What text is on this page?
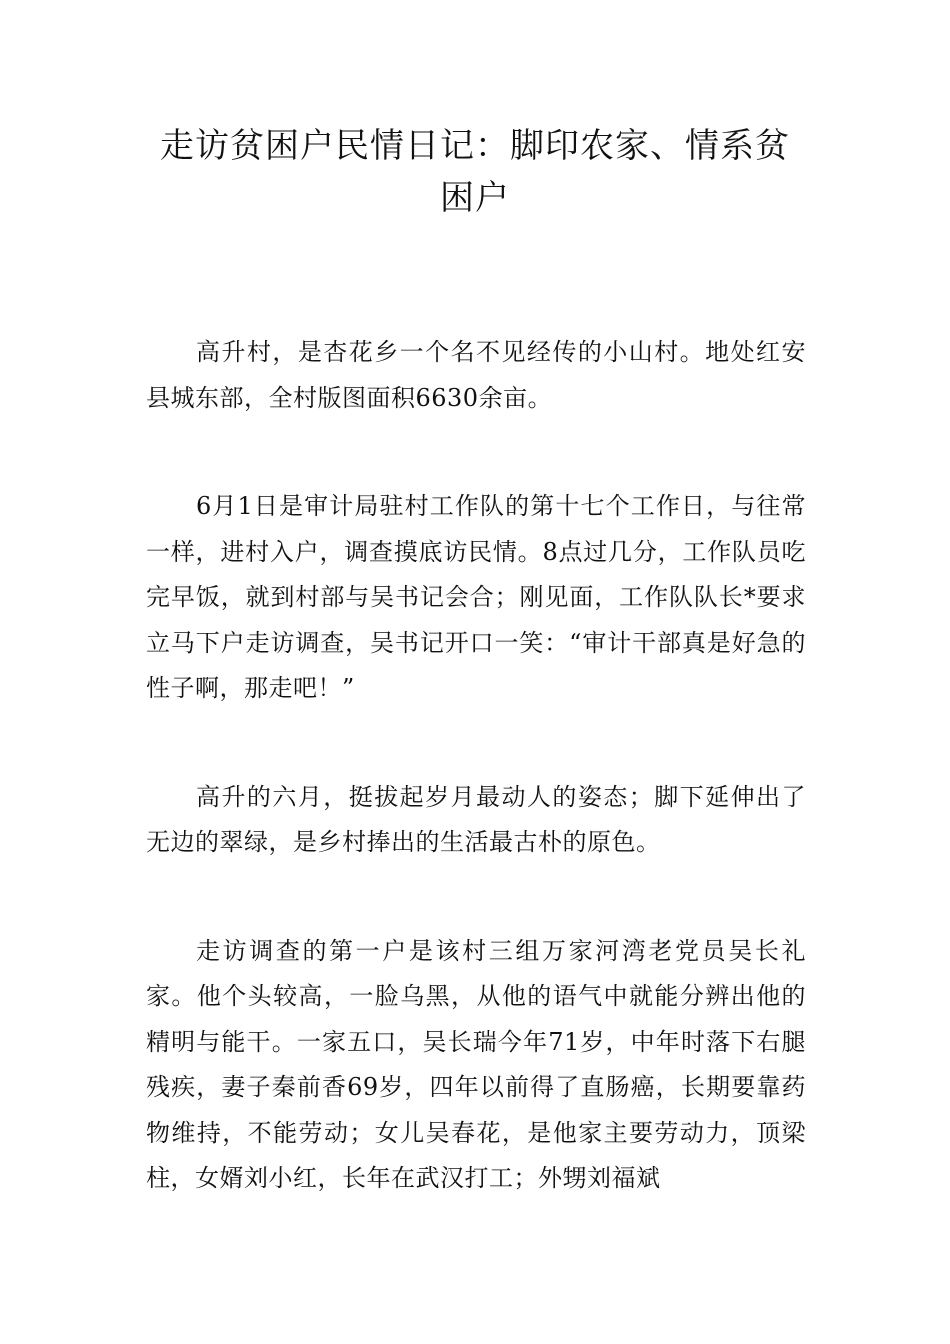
走访贫困户民情日记：脚印农家、情系贫困户

高升村，是杏花乡一个名不见经传的小山村。地处红安县城东部，全村版图面积6630余亩。

6月1日是审计局驻村工作队的第十七个工作日，与往常一样，进村入户，调查摸底访民情。8点过几分，工作队员吃完早饭，就到村部与吴书记会合；刚见面，工作队队长*要求立马下户走访调查，吴书记开口一笑：“审计干部真是好急的性子啊，那走吧！”

高升的六月，挺拔起岁月最动人的姿态；脚下延伸出了无边的翠绿，是乡村捧出的生活最古朴的原色。

走访调查的第一户是该村三组万家河湾老党员吴长礼家。他个头较高，一脸乌黑，从他的语气中就能分辨出他的精明与能干。一家五口，吴长瑞今年71岁，中年时落下右腿残疾，妻子秦前香69岁，四年以前得了直肠癌，长期要靠药物维持，不能劳动；女儿吴春花，是他家主要劳动力，顶梁柱，女婿刘小红，长年在武汉打工；外甥刘福斌
